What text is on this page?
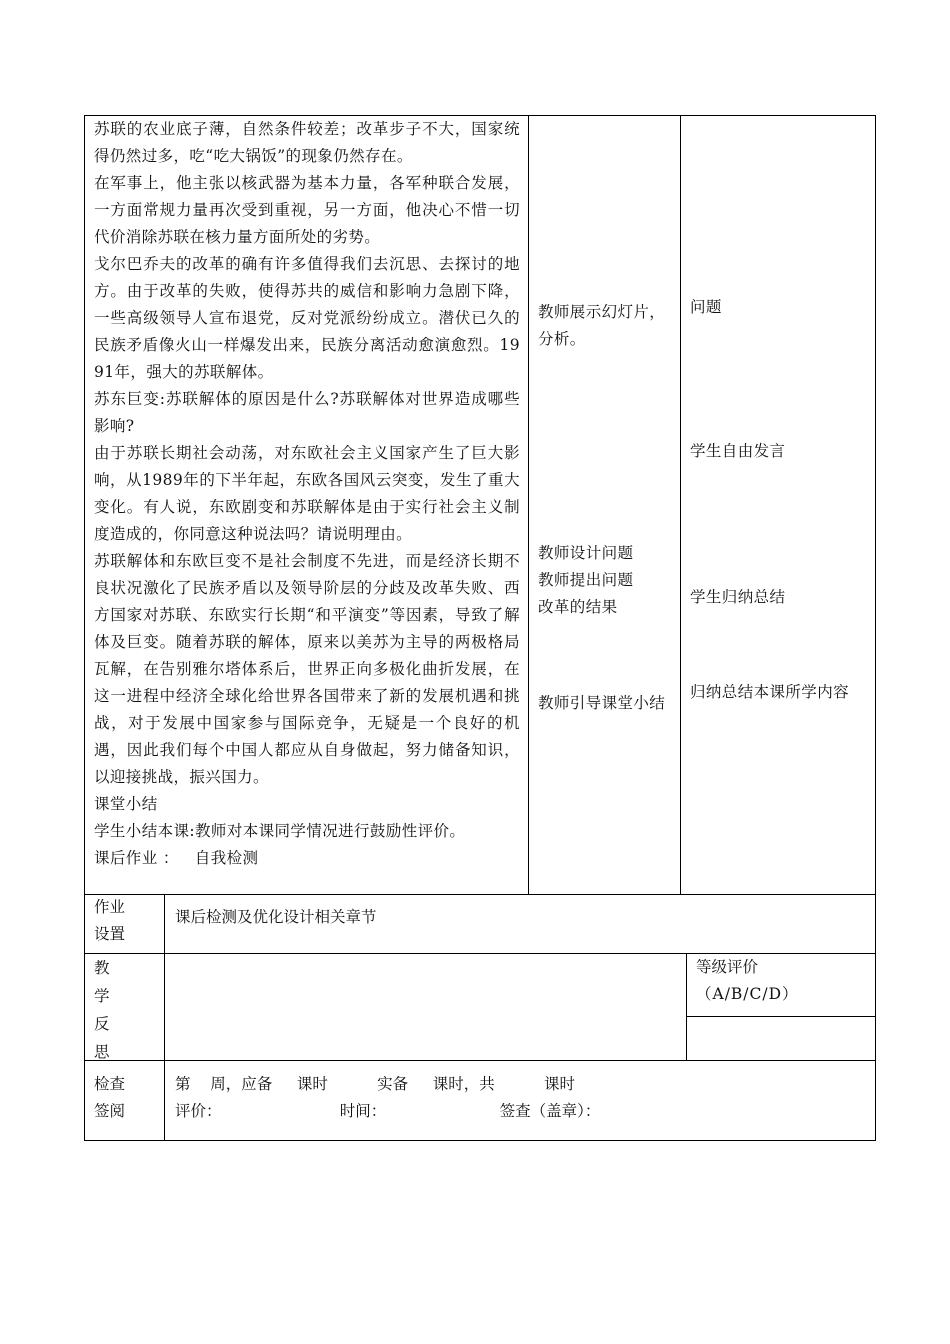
苏联的农业底子薄，自然条件较差；改革步子不大，国家统得仍然过多，吃“吃大锅饭”的现象仍然存在。

在军事上，他主张以核武器为基本力量，各军种联合发展，一方面常规力量再次受到重视，另一方面，他决心不惜一切代价消除苏联在核力量方面所处的劣势。

戈尔巴乔夫的改革的确有许多值得我们去沉思、去探讨的地方。由于改革的失败，使得苏共的威信和影响力急剧下降，一些高级领导人宣布退党，反对党派纷纷成立。潜伏已久的民族矛盾像火山一样爆发出来，民族分离活动愈演愈烈。1991年，强大的苏联解体。

苏东巨变:苏联解体的原因是什么?苏联解体对世界造成哪些影响?

由于苏联长期社会动荡，对东欧社会主义国家产生了巨大影响，从1989年的下半年起，东欧各国风云突变，发生了重大变化。有人说，东欧剧变和苏联解体是由于实行社会主义制度造成的，你同意这种说法吗？请说明理由。

苏联解体和东欧巨变不是社会制度不先进，而是经济长期不良状况激化了民族矛盾以及领导阶层的分歧及改革失败、西方国家对苏联、东欧实行长期“和平演变”等因素，导致了解体及巨变。随着苏联的解体，原来以美苏为主导的两极格局瓦解，在告别雅尔塔体系后，世界正向多极化曲折发展，在这一进程中经济全球化给世界各国带来了新的发展机遇和挑战，对于发展中国家参与国际竞争，无疑是一个良好的机遇，因此我们每个中国人都应从自身做起，努力储备知识，以迎接挑战，振兴国力。

课堂小结

学生小结本课:教师对本课同学情况进行鼓励性评价。

课后作业 ：   自我检测

教师展示幻灯片，分析。

教师设计问题

教师提出问题

改革的结果

教师引导课堂小结

问题

学生自由发言

学生归纳总结

归纳总结本课所学内容

作业
设置
课后检测及优化设计相关章节
教
学
反
思
等级评价
（A/B/C/D）
检查
签阅
第    周，应备     课时          实备     课时，共          课时
评价：                        时间：                       签查（盖章）：
